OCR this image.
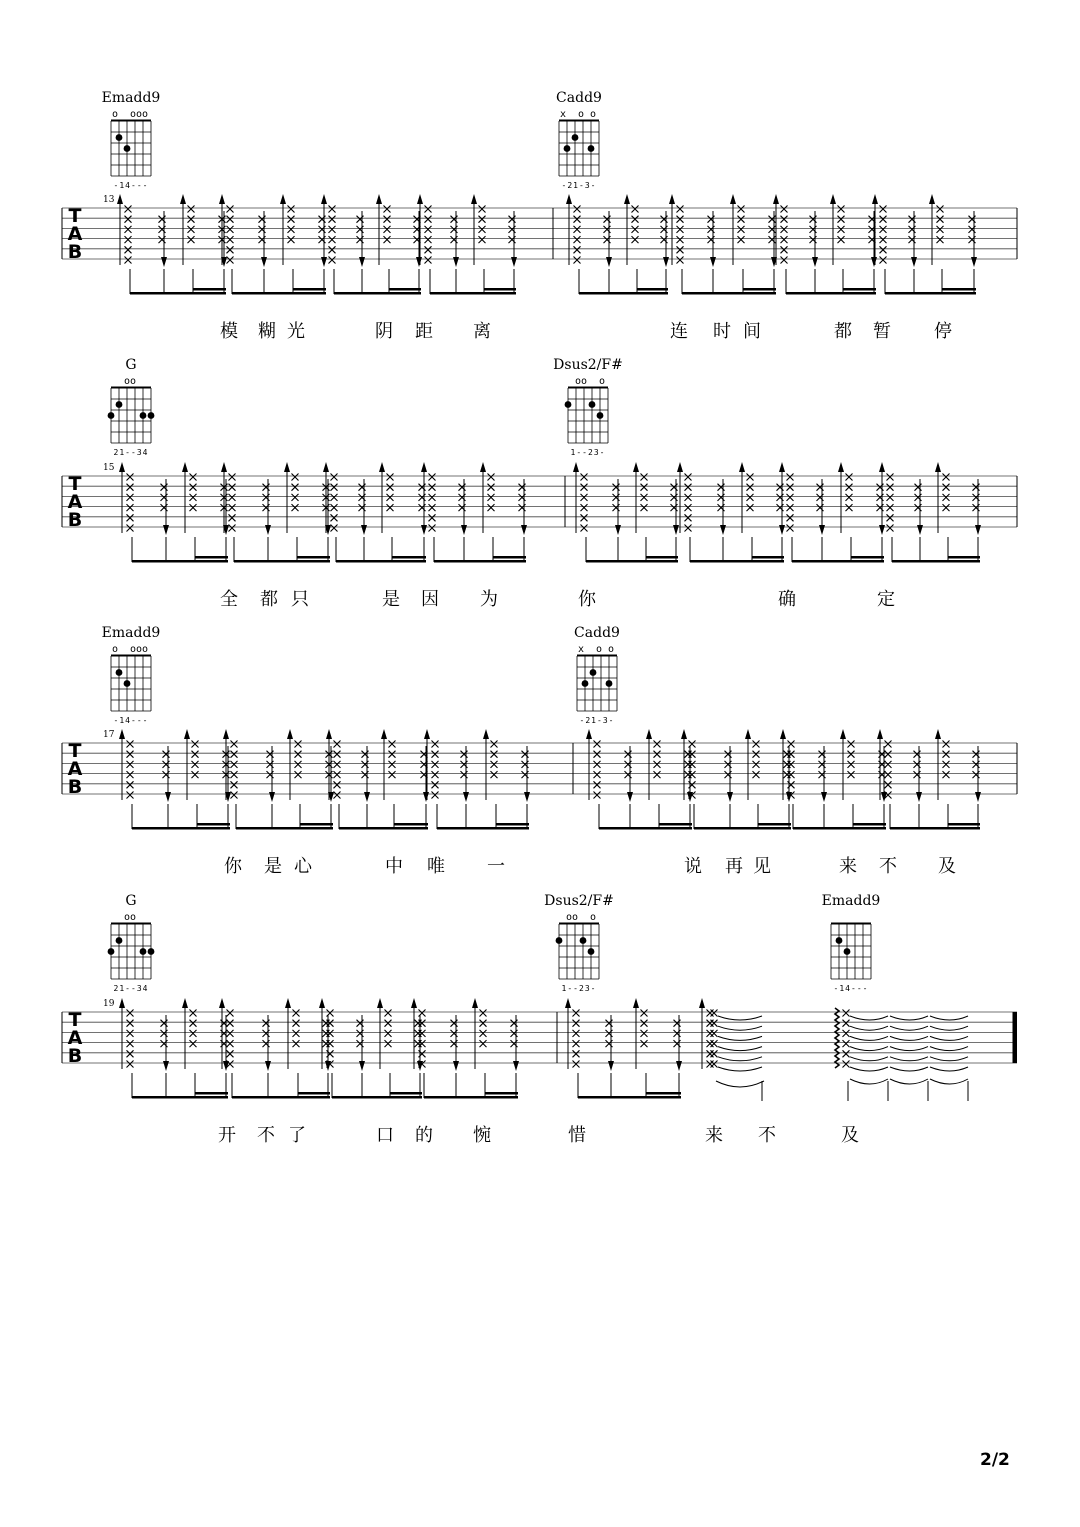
T
A
B
13
Emadd9
o  ooo
-14---
Cadd9
x  o o
-21-3-
模 糊 光	阴 距 离	连 时 间	都 暂 停
T
A
B
15
G
oo
21--34
Dsus2/F#
oo  o
1--23-
全 都 只	是 因 为	你	确	定
T
A
B
17
Emadd9
o  ooo
-14---
Cadd9
x  o o
-21-3-
你 是 心	中 唯 一	说 再 见	来 不 及
T
A
B
19
G
oo
21--34
Dsus2/F#
oo  o
1--23-
Emadd9
-14---
开 不 了	口 的 惋	惜	来 不	及
2/2
